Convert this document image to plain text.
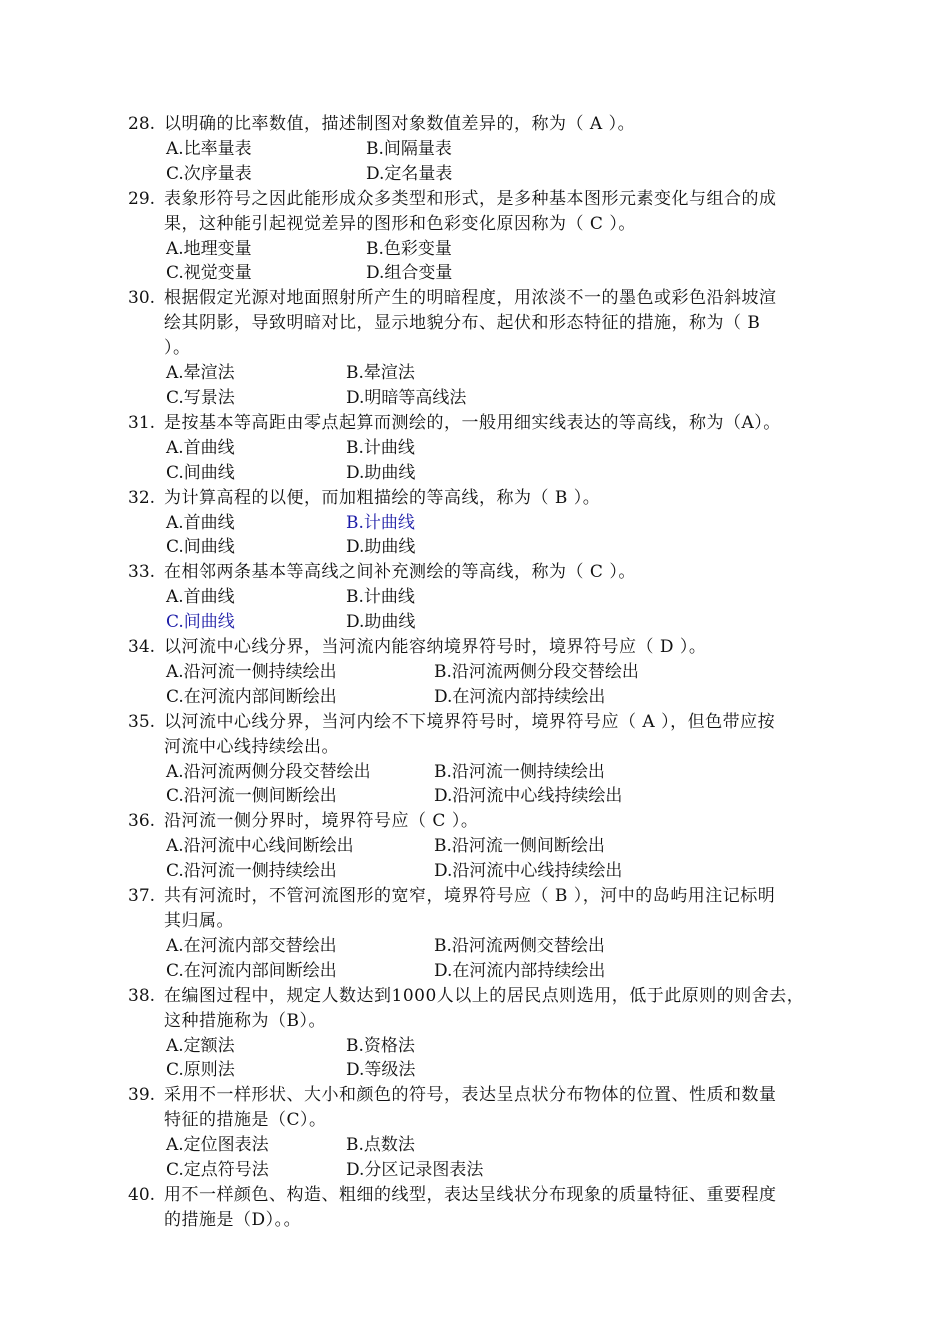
28. 以明确的比率数值，描述制图对象数值差异的，称为（ A ）。
A.比率量表	B.间隔量表
C.次序量表	D.定名量表
29. 表象形符号之因此能形成众多类型和形式，是多种基本图形元素变化与组合的成
果，这种能引起视觉差异的图形和色彩变化原因称为（ C ）。
A.地理变量	B.色彩变量
C.视觉变量	D.组合变量
30. 根据假定光源对地面照射所产生的明暗程度，用浓淡不一的墨色或彩色沿斜坡渲
绘其阴影，导致明暗对比，显示地貌分布、起伏和形态特征的措施，称为（ B
）。
A.晕渲法	B.晕渲法
C.写景法	D.明暗等高线法
31. 是按基本等高距由零点起算而测绘的，一般用细实线表达的等高线，称为（A）。
A.首曲线	B.计曲线
C.间曲线	D.助曲线
32. 为计算高程的以便，而加粗描绘的等高线，称为（ B ）。
A.首曲线	B.计曲线
C.间曲线	D.助曲线
33. 在相邻两条基本等高线之间补充测绘的等高线，称为（ C ）。
A.首曲线	B.计曲线
C.间曲线	D.助曲线
34. 以河流中心线分界，当河流内能容纳境界符号时，境界符号应（ D ）。
A.沿河流一侧持续绘出	B.沿河流两侧分段交替绘出
C.在河流内部间断绘出	D.在河流内部持续绘出
35. 以河流中心线分界，当河内绘不下境界符号时，境界符号应（ A ），但色带应按
河流中心线持续绘出。
A.沿河流两侧分段交替绘出	B.沿河流一侧持续绘出
C.沿河流一侧间断绘出	D.沿河流中心线持续绘出
36. 沿河流一侧分界时，境界符号应（ C ）。
A.沿河流中心线间断绘出	B.沿河流一侧间断绘出
C.沿河流一侧持续绘出	D.沿河流中心线持续绘出
37. 共有河流时，不管河流图形的宽窄，境界符号应（ B ），河中的岛屿用注记标明
其归属。
A.在河流内部交替绘出	B.沿河流两侧交替绘出
C.在河流内部间断绘出	D.在河流内部持续绘出
38. 在编图过程中，规定人数达到1000人以上的居民点则选用，低于此原则的则舍去，
这种措施称为（B）。
A.定额法	B.资格法
C.原则法	D.等级法
39. 采用不一样形状、大小和颜色的符号，表达呈点状分布物体的位置、性质和数量
特征的措施是（C）。
A.定位图表法	B.点数法
C.定点符号法	D.分区记录图表法
40. 用不一样颜色、构造、粗细的线型，表达呈线状分布现象的质量特征、重要程度
的措施是（D）。。
